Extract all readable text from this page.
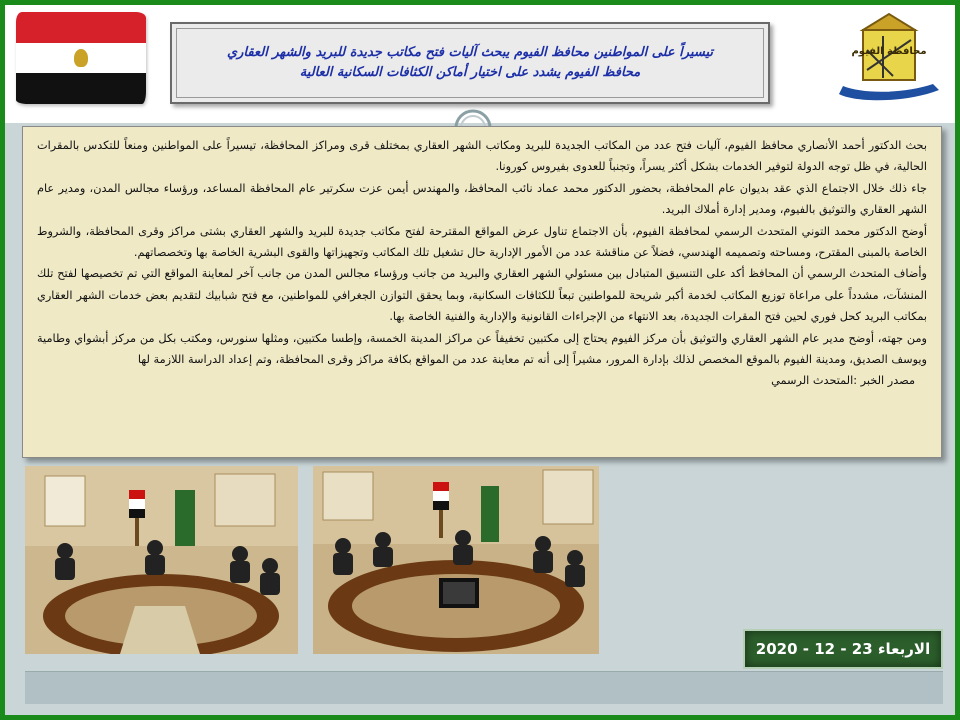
تيسيراً على المواطنين محافظ الفيوم يبحث آليات فتح مكاتب جديدة للبريد والشهر العقاري
محافظ الفيوم يشدد على اختيار أماكن الكثافات السكانية العالية
محافظة الفيوم

بحث الدكتور أحمد الأنصاري محافظ الفيوم، آليات فتح عدد من المكاتب الجديدة للبريد ومكاتب الشهر العقاري بمختلف قرى ومراكز المحافظة، تيسيراً على المواطنين ومنعاً للتكدس بالمقرات الحالية، في ظل توجه الدولة لتوفير الخدمات بشكل أكثر يسراً، وتجنباً للعدوى بفيروس كورونا.

جاء ذلك خلال الاجتماع الذي عقد بديوان عام المحافظة، بحضور الدكتور محمد عماد نائب المحافظ، والمهندس أيمن عزت سكرتير عام المحافظة المساعد، ورؤساء مجالس المدن، ومدير عام الشهر العقاري والتوثيق بالفيوم، ومدير إدارة أملاك البريد.

أوضح الدكتور محمد التوني المتحدث الرسمي لمحافظة الفيوم، بأن الاجتماع تناول عرض المواقع المقترحة لفتح مكاتب جديدة للبريد والشهر العقاري بشتى مراكز وقرى المحافظة، والشروط الخاصة بالمبنى المقترح، ومساحته وتصميمه الهندسي، فضلاً عن مناقشة عدد من الأمور الإدارية حال تشغيل تلك المكاتب وتجهيزاتها والقوى البشرية الخاصة بها وتخصصاتهم.

وأضاف المتحدث الرسمي أن المحافظ أكد على التنسيق المتبادل بين مسئولي الشهر العقاري والبريد من جانب ورؤساء مجالس المدن من جانب آخر لمعاينة المواقع التي تم تخصيصها لفتح تلك المنشآت، مشدداً على مراعاة توزيع المكاتب لخدمة أكبر شريحة للمواطنين تبعاً للكثافات السكانية، وبما يحقق التوازن الجغرافي للمواطنين، مع فتح شبابيك لتقديم بعض خدمات الشهر العقاري بمكاتب البريد كحل فوري لحين فتح المقرات الجديدة، بعد الانتهاء من الإجراءات القانونية والإدارية والفنية الخاصة بها.

ومن جهته، أوضح مدير عام الشهر العقاري والتوثيق بأن مركز الفيوم يحتاج إلى مكتبين تخفيفاً عن مراكز المدينة الخمسة، وإطسا مكتبين، ومثلها سنورس، ومكتب بكل من مركز أبشواي وطامية ويوسف الصديق، ومدينة الفيوم بالموقع المخصص لذلك بإدارة المرور، مشيراً إلى أنه تم معاينة عدد من المواقع بكافة مراكز وقرى المحافظة، وتم إعداد الدراسة اللازمة لها

مصدر الخبر :المتحدث الرسمي

الاربعاء 23 - 12 - 2020
